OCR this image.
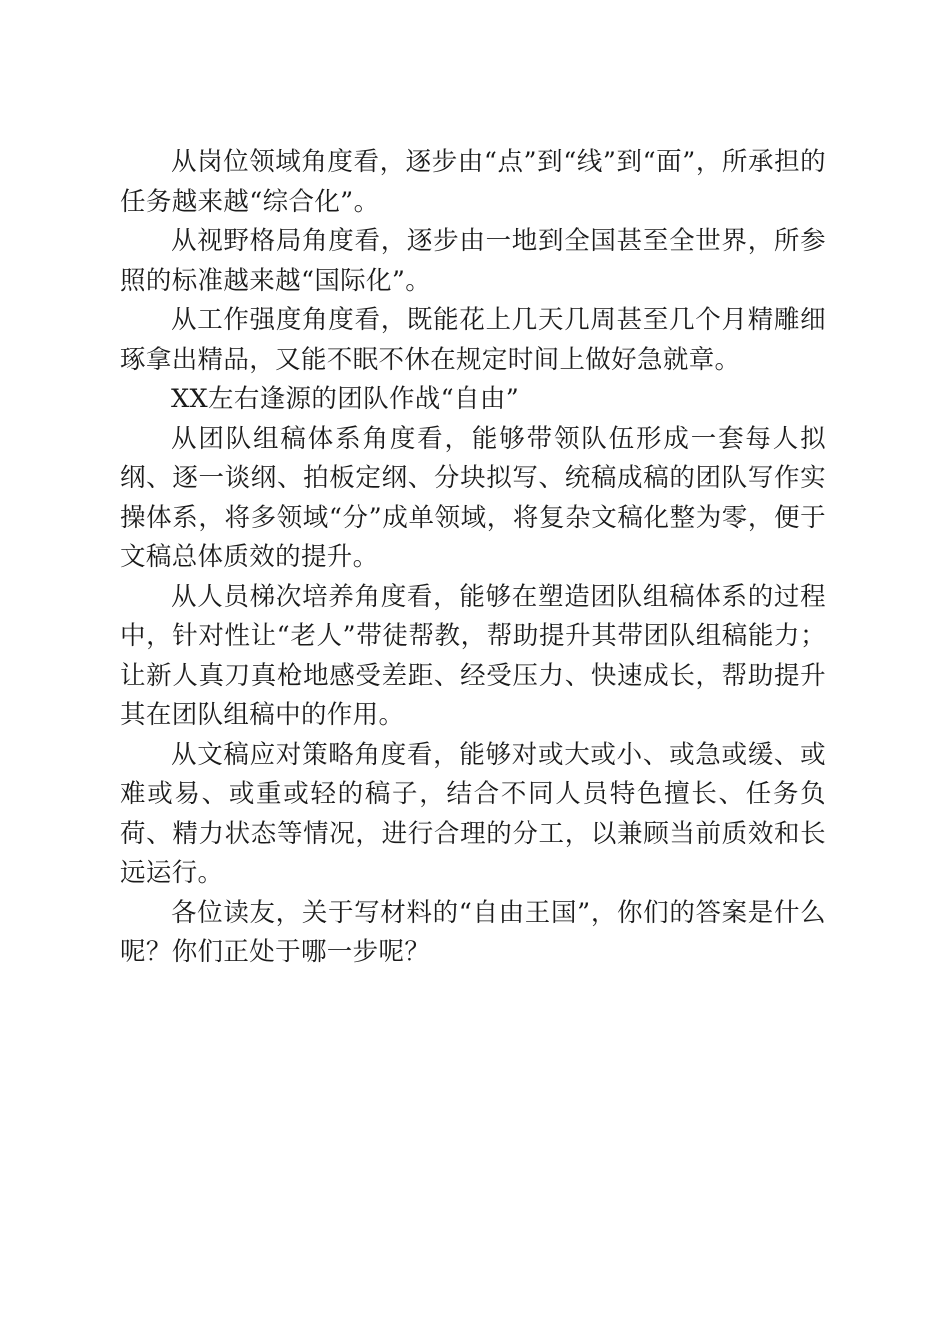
从岗位领域角度看，逐步由“点”到“线”到“面”，所承担的任务越来越“综合化”。

从视野格局角度看，逐步由一地到全国甚至全世界，所参照的标准越来越“国际化”。

从工作强度角度看，既能花上几天几周甚至几个月精雕细琢拿出精品，又能不眠不休在规定时间上做好急就章。

XX左右逢源的团队作战“自由”

从团队组稿体系角度看，能够带领队伍形成一套每人拟纲、逐一谈纲、拍板定纲、分块拟写、统稿成稿的团队写作实操体系，将多领域“分”成单领域，将复杂文稿化整为零，便于文稿总体质效的提升。

从人员梯次培养角度看，能够在塑造团队组稿体系的过程中，针对性让“老人”带徒帮教，帮助提升其带团队组稿能力；让新人真刀真枪地感受差距、经受压力、快速成长，帮助提升其在团队组稿中的作用。

从文稿应对策略角度看，能够对或大或小、或急或缓、或难或易、或重或轻的稿子，结合不同人员特色擅长、任务负荷、精力状态等情况，进行合理的分工，以兼顾当前质效和长远运行。

各位读友，关于写材料的“自由王国”，你们的答案是什么呢？你们正处于哪一步呢？
